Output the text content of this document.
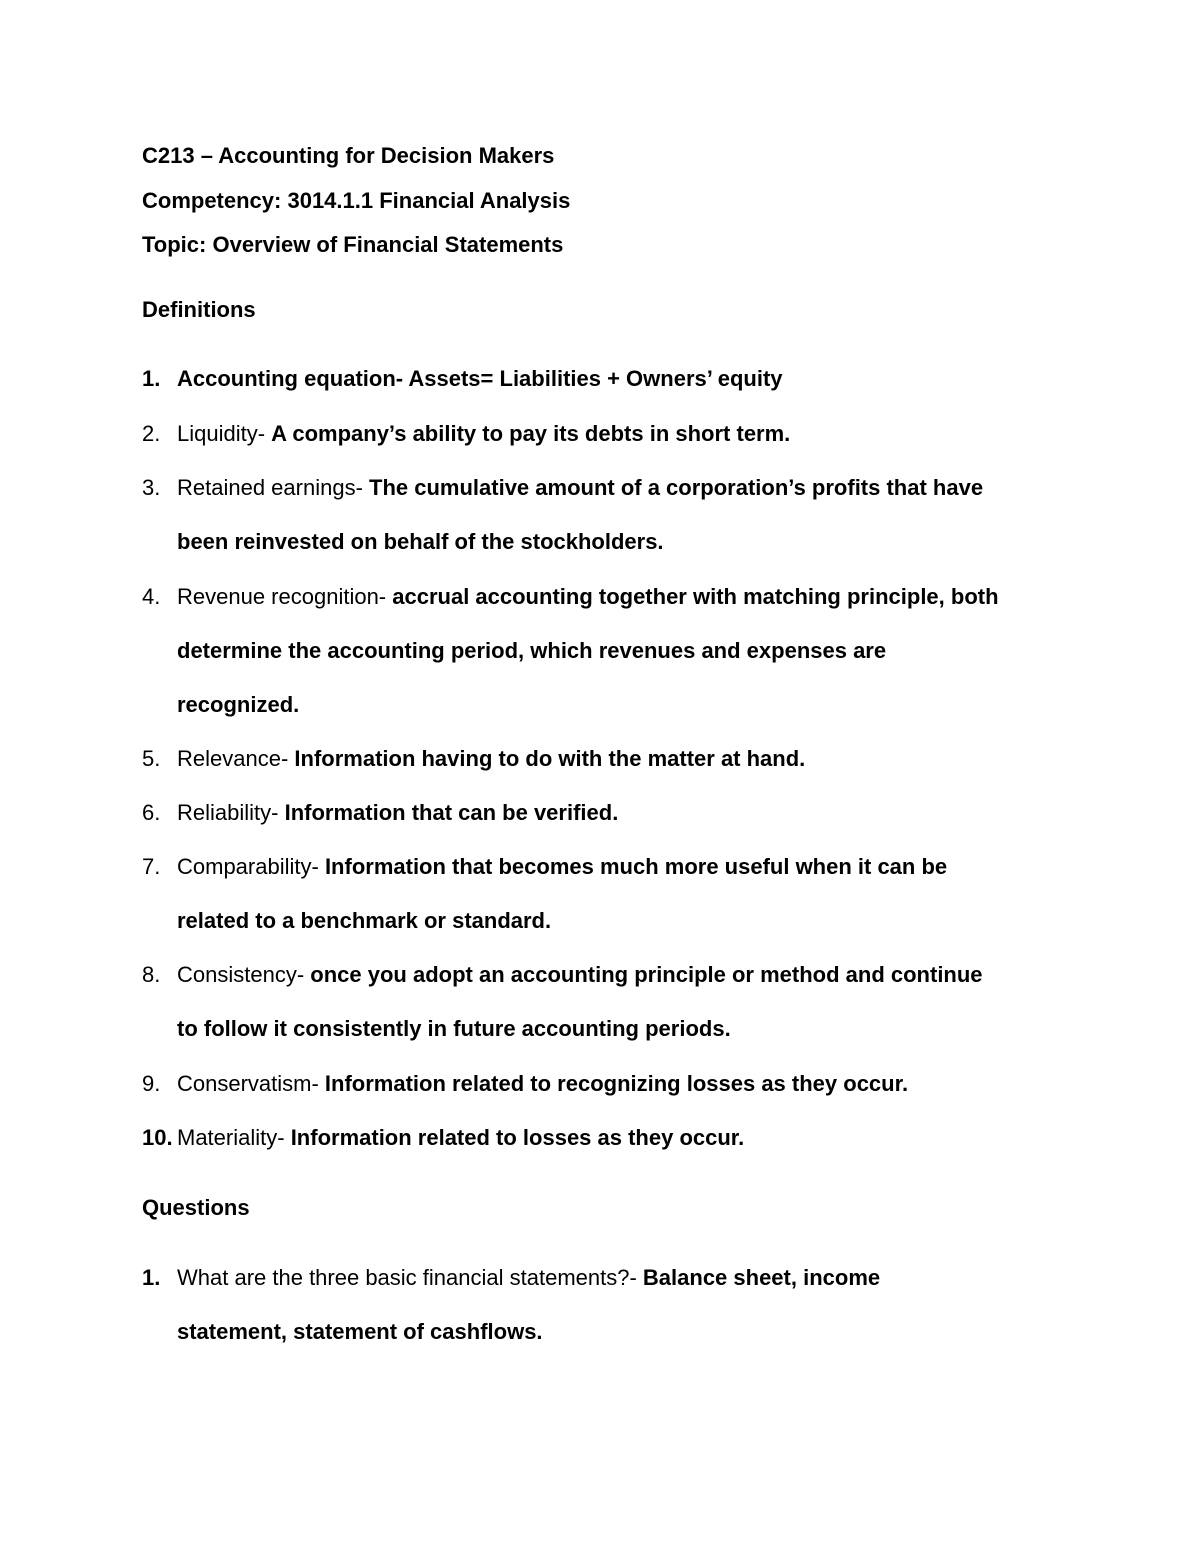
C213 – Accounting for Decision Makers
Competency: 3014.1.1 Financial Analysis
Topic: Overview of Financial Statements
Definitions
1. Accounting equation- Assets= Liabilities + Owners’ equity
2. Liquidity- A company’s ability to pay its debts in short term.
3. Retained earnings- The cumulative amount of a corporation’s profits that have
been reinvested on behalf of the stockholders.
4. Revenue recognition- accrual accounting together with matching principle, both
determine the accounting period, which revenues and expenses are
recognized.
5. Relevance- Information having to do with the matter at hand.
6. Reliability- Information that can be verified.
7. Comparability- Information that becomes much more useful when it can be
related to a benchmark or standard.
8. Consistency- once you adopt an accounting principle or method and continue
to follow it consistently in future accounting periods.
9. Conservatism- Information related to recognizing losses as they occur.
10. Materiality- Information related to losses as they occur.
Questions
1. What are the three basic financial statements?- Balance sheet, income
statement, statement of cashflows.
